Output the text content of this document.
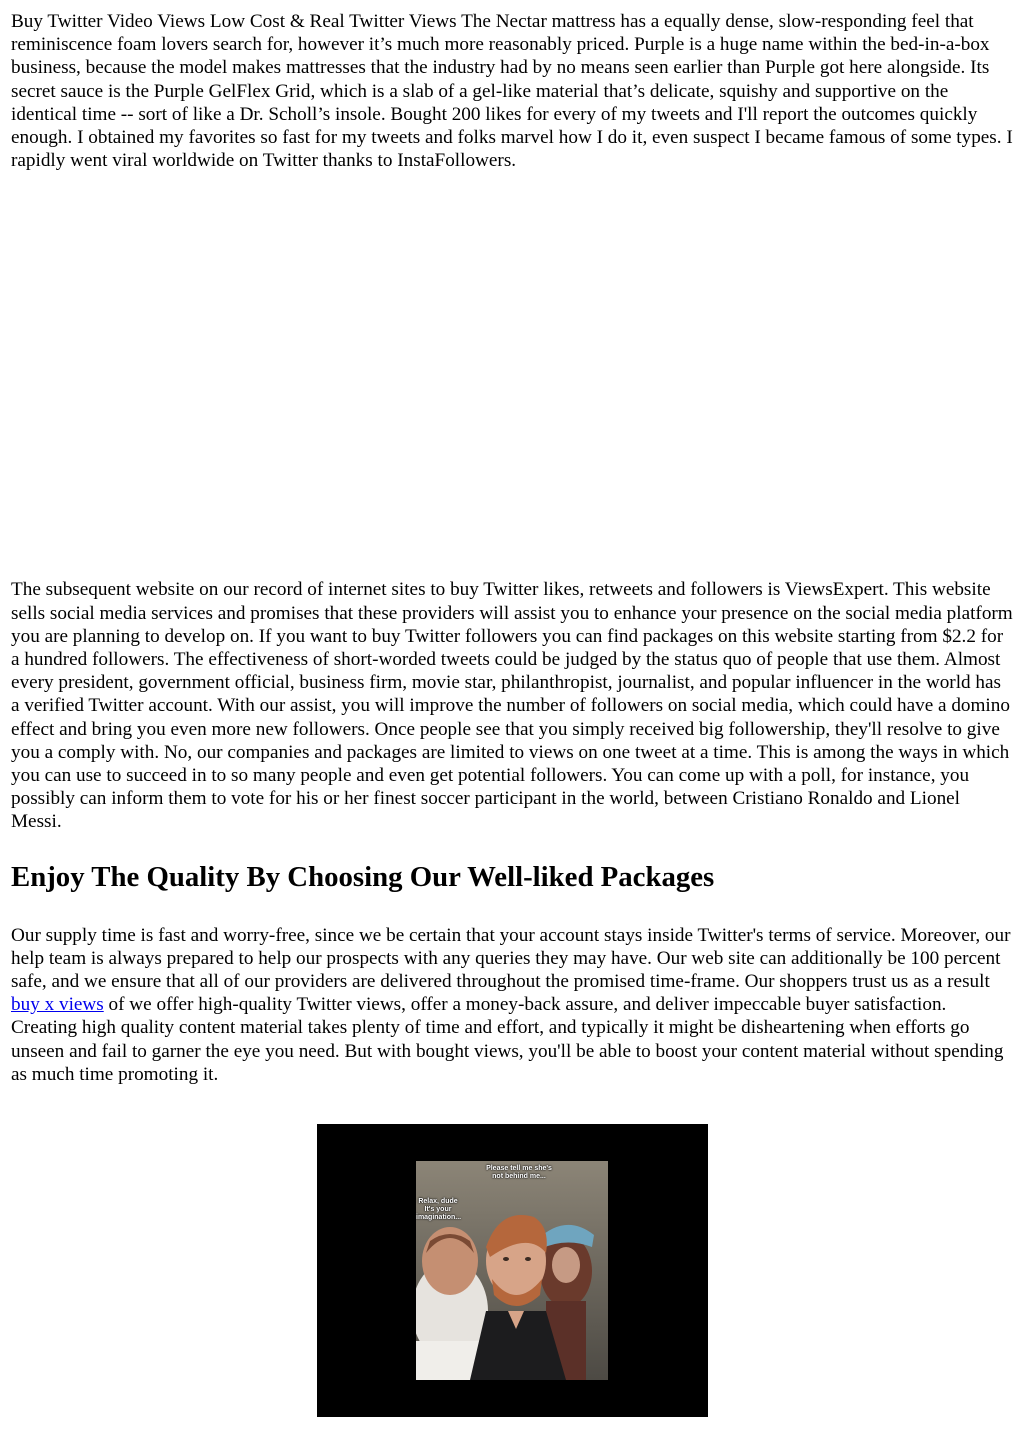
Buy Twitter Video Views Low Cost & Real Twitter Views The Nectar mattress has a equally dense, slow-responding feel that reminiscence foam lovers search for, however it’s much more reasonably priced. Purple is a huge name within the bed-in-a-box business, because the model makes mattresses that the industry had by no means seen earlier than Purple got here alongside. Its secret sauce is the Purple GelFlex Grid, which is a slab of a gel-like material that’s delicate, squishy and supportive on the identical time -- sort of like a Dr. Scholl’s insole. Bought 200 likes for every of my tweets and I'll report the outcomes quickly enough. I obtained my favorites so fast for my tweets and folks marvel how I do it, even suspect I became famous of some types. I rapidly went viral worldwide on Twitter thanks to InstaFollowers.

The subsequent website on our record of internet sites to buy Twitter likes, retweets and followers is ViewsExpert. This website sells social media services and promises that these providers will assist you to enhance your presence on the social media platform you are planning to develop on. If you want to buy Twitter followers you can find packages on this website starting from $2.2 for a hundred followers. The effectiveness of short-worded tweets could be judged by the status quo of people that use them. Almost every president, government official, business firm, movie star, philanthropist, journalist, and popular influencer in the world has a verified Twitter account. With our assist, you will improve the number of followers on social media, which could have a domino effect and bring you even more new followers. Once people see that you simply received big followership, they'll resolve to give you a comply with. No, our companies and packages are limited to views on one tweet at a time. This is among the ways in which you can use to succeed in to so many people and even get potential followers. You can come up with a poll, for instance, you possibly can inform them to vote for his or her finest soccer participant in the world, between Cristiano Ronaldo and Lionel Messi.

Enjoy The Quality By Choosing Our Well-liked Packages

Our supply time is fast and worry-free, since we be certain that your account stays inside Twitter's terms of service. Moreover, our help team is always prepared to help our prospects with any queries they may have. Our web site can additionally be 100 percent safe, and we ensure that all of our providers are delivered throughout the promised time-frame. Our shoppers trust us as a result buy x views of we offer high-quality Twitter views, offer a money-back assure, and deliver impeccable buyer satisfaction. Creating high quality content material takes plenty of time and effort, and typically it might be disheartening when efforts go unseen and fail to garner the eye you need. But with bought views, you'll be able to boost your content material without spending as much time promoting it.

Please tell me she's
not behind me...
Relax, dude
It's your
imagination...
